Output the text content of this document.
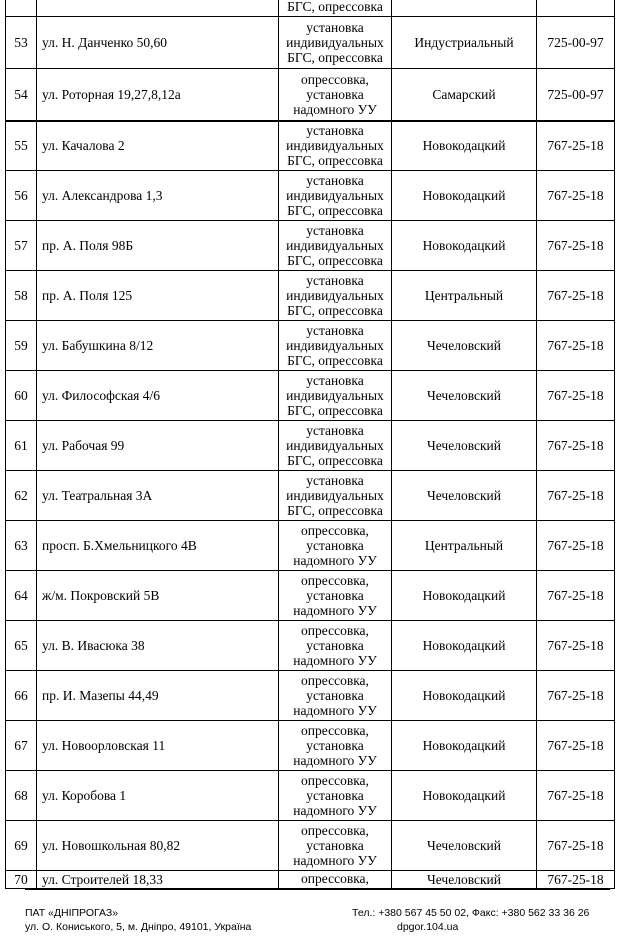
		БГС, опрессовка		
53	ул. Н. Данченко 50,60	установка
индивидуальных
БГС, опрессовка	Индустриальный	725-00-97
54	ул. Роторная 19,27,8,12а	опрессовка,
установка
надомного УУ	Самарский	725-00-97
55	ул. Качалова 2	установка
индивидуальных
БГС, опрессовка	Новокодацкий	767-25-18
56	ул. Александрова 1,3	установка
индивидуальных
БГС, опрессовка	Новокодацкий	767-25-18
57	пр. А. Поля 98Б	установка
индивидуальных
БГС, опрессовка	Новокодацкий	767-25-18
58	пр. А. Поля 125	установка
индивидуальных
БГС, опрессовка	Центральный	767-25-18
59	ул. Бабушкина 8/12	установка
индивидуальных
БГС, опрессовка	Чечеловский	767-25-18
60	ул. Философская 4/6	установка
индивидуальных
БГС, опрессовка	Чечеловский	767-25-18
61	ул. Рабочая 99	установка
индивидуальных
БГС, опрессовка	Чечеловский	767-25-18
62	ул. Театральная 3А	установка
индивидуальных
БГС, опрессовка	Чечеловский	767-25-18
63	просп. Б.Хмельницкого 4В	опрессовка,
установка
надомного УУ	Центральный	767-25-18
64	ж/м. Покровский 5В	опрессовка,
установка
надомного УУ	Новокодацкий	767-25-18
65	ул. В. Ивасюка 38	опрессовка,
установка
надомного УУ	Новокодацкий	767-25-18
66	пр. И. Мазепы 44,49	опрессовка,
установка
надомного УУ	Новокодацкий	767-25-18
67	ул. Новоорловская 11	опрессовка,
установка
надомного УУ	Новокодацкий	767-25-18
68	ул. Коробова 1	опрессовка,
установка
надомного УУ	Новокодацкий	767-25-18
69	ул. Новошкольная 80,82	опрессовка,
установка
надомного УУ	Чечеловский	767-25-18
70	ул. Строителей 18,33	опрессовка,	Чечеловский	767-25-18
ПАТ «ДНІПРОГАЗ»
ул. О. Кониського, 5, м. Дніпро, 49101, Україна
Тел.: +380 567 45 50 02, Факс: +380 562 33 36 26
dpgor.104.ua
